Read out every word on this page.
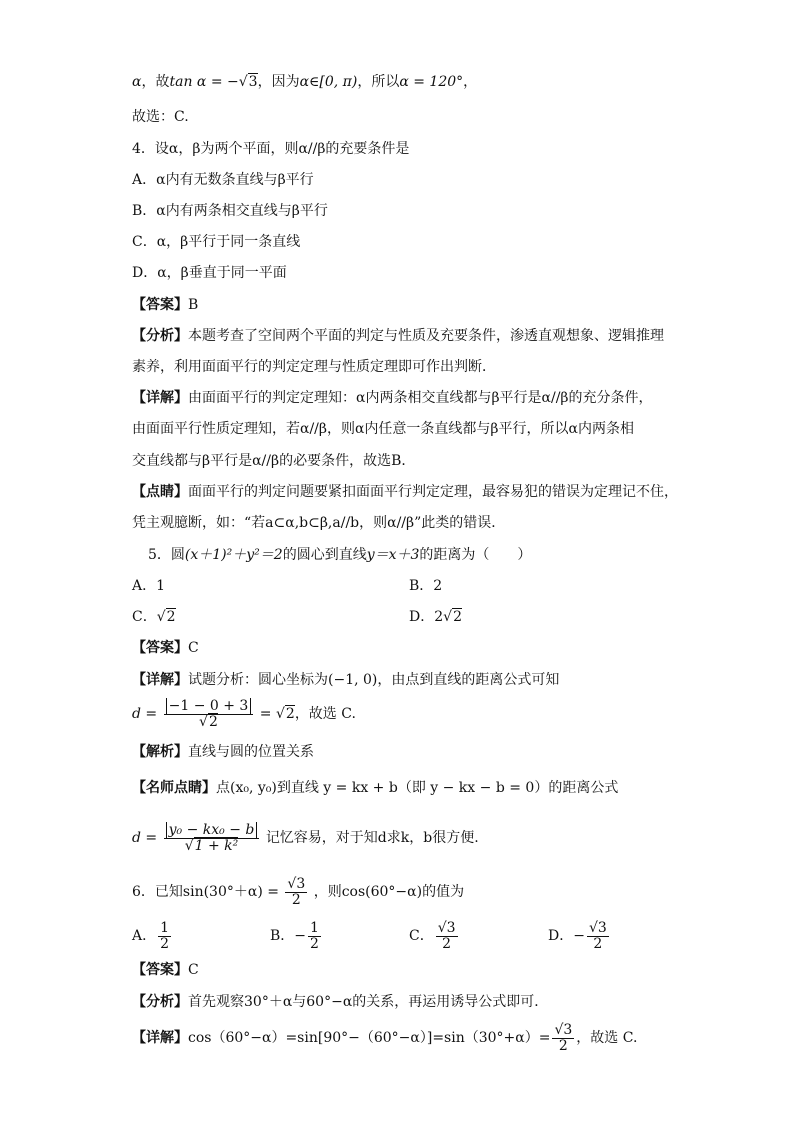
α，故tan α = −√3，因为α∈[0, π)，所以α = 120°，
故选：C.
4．设α，β为两个平面，则α//β的充要条件是
A．α内有无数条直线与β平行
B．α内有两条相交直线与β平行
C．α，β平行于同一条直线
D．α，β垂直于同一平面
【答案】B
【分析】本题考查了空间两个平面的判定与性质及充要条件，渗透直观想象、逻辑推理
素养，利用面面平行的判定定理与性质定理即可作出判断．
【详解】由面面平行的判定定理知：α内两条相交直线都与β平行是α//β的充分条件，
由面面平行性质定理知，若α//β，则α内任意一条直线都与β平行，所以α内两条相
交直线都与β平行是α//β的必要条件，故选B．
【点睛】面面平行的判定问题要紧扣面面平行判定定理，最容易犯的错误为定理记不住，
凭主观臆断，如：“若a⊂α,b⊂β,a//b，则α//β”此类的错误．
5．圆(x＋1)²＋y²＝2的圆心到直线y＝x＋3的距离为（　　）
A．1	B．2
C．√2	D．2√2
【答案】C
【详解】试题分析：圆心坐标为(−1, 0)，由点到直线的距离公式可知
$d = \frac{-1 - 0 + 3}{√2} = √2$，故选 C.
【解析】直线与圆的位置关系
【名师点睛】点(x₀, y₀)到直线 y = kx + b（即 y − kx − b = 0）的距离公式
$d = \frac{\text{y₀ − kx₀ − b}}{\text{√1 + k²}}$ 记忆容易，对于知d求k，b很方便.
6．已知$\sin(30^\circ+\alpha) = \frac{√3}{2}$ ，则cos(60°−α)的值为
A． $\frac{1}{2}$	B．− $\frac{1}{2}$	C． $\frac{√3}{2}$	D．− $\frac{√3}{2}$
【答案】C
【分析】首先观察30°＋α与60°−α的关系，再运用诱导公式即可．
【详解】$\cos(60^\circ-\alpha)=\sin[90^\circ-(60^\circ-\alpha)]=\sin(30^\circ+\alpha)= \frac{√3}{2}$ ，故选 C.
